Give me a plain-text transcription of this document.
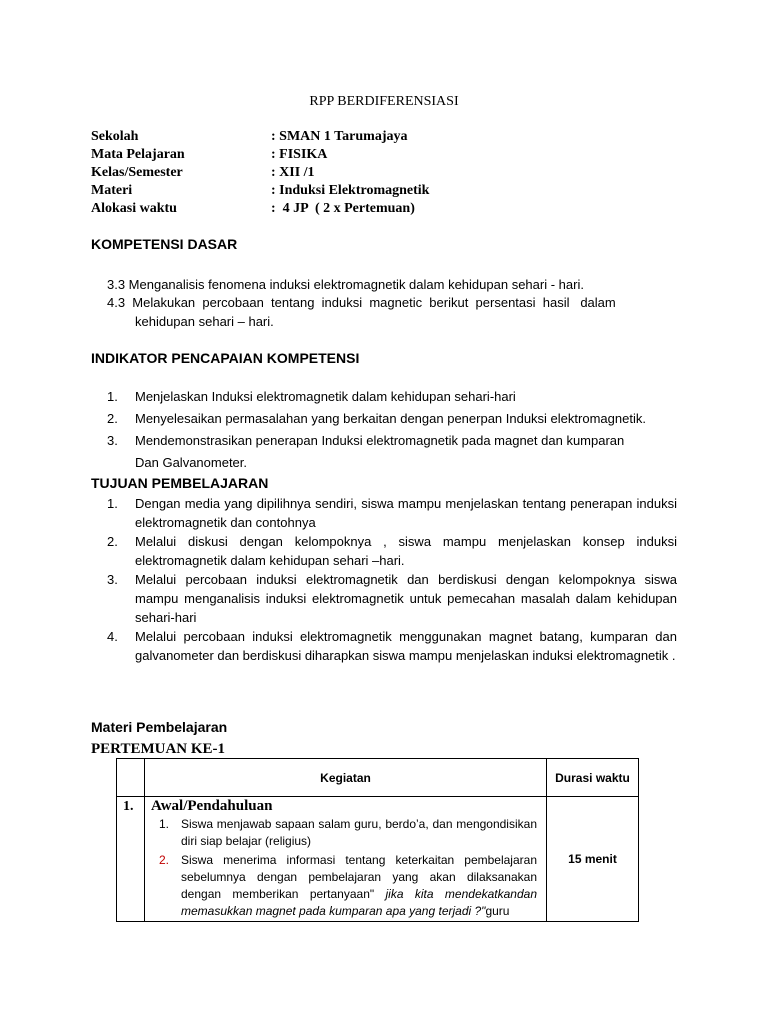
RPP BERDIFERENSIASI
Sekolah	: SMAN 1 Tarumajaya
Mata Pelajaran	: FISIKA
Kelas/Semester	: XII /1
Materi	: Induksi Elektromagnetik
Alokasi waktu	:  4 JP  ( 2 x Pertemuan)
KOMPETENSI DASAR
3.3 Menganalisis fenomena induksi elektromagnetik dalam kehidupan sehari - hari.
4.3  Melakukan  percobaan  tentang  induksi  magnetic  berikut  persentasi  hasil   dalam
kehidupan sehari – hari.
INDIKATOR PENCAPAIAN KOMPETENSI
1.	Menjelaskan Induksi elektromagnetik dalam kehidupan sehari-hari
2.	Menyelesaikan permasalahan yang berkaitan dengan penerpan Induksi elektromagnetik.
3.	Mendemonstrasikan penerapan Induksi elektromagnetik pada magnet dan kumparan
Dan Galvanometer.
TUJUAN PEMBELAJARAN
1.	Dengan media yang dipilihnya sendiri, siswa mampu menjelaskan tentang penerapan induksi elektromagnetik dan contohnya
2.	Melalui diskusi dengan kelompoknya , siswa mampu menjelaskan konsep induksi elektromagnetik dalam kehidupan sehari –hari.
3.	Melalui percobaan induksi elektromagnetik dan berdiskusi dengan kelompoknya siswa mampu menganalisis induksi elektromagnetik untuk pemecahan masalah dalam kehidupan sehari-hari
4.	Melalui percobaan induksi elektromagnetik menggunakan magnet batang, kumparan dan galvanometer dan berdiskusi diharapkan siswa mampu menjelaskan induksi elektromagnetik .
Materi Pembelajaran
PERTEMUAN KE-1
	Kegiatan	Durasi waktu
1.	Awal/Pendahuluan
1. Siswa menjawab sapaan salam guru, berdo’a, dan mengondisikan diri siap belajar (religius)
2. Siswa menerima informasi tentang keterkaitan pembelajaran sebelumnya dengan pembelajaran yang akan dilaksanakan dengan memberikan pertanyaan" jika kita mendekatkandan memasukkan magnet pada kumparan apa yang terjadi ?"guru	15 menit
